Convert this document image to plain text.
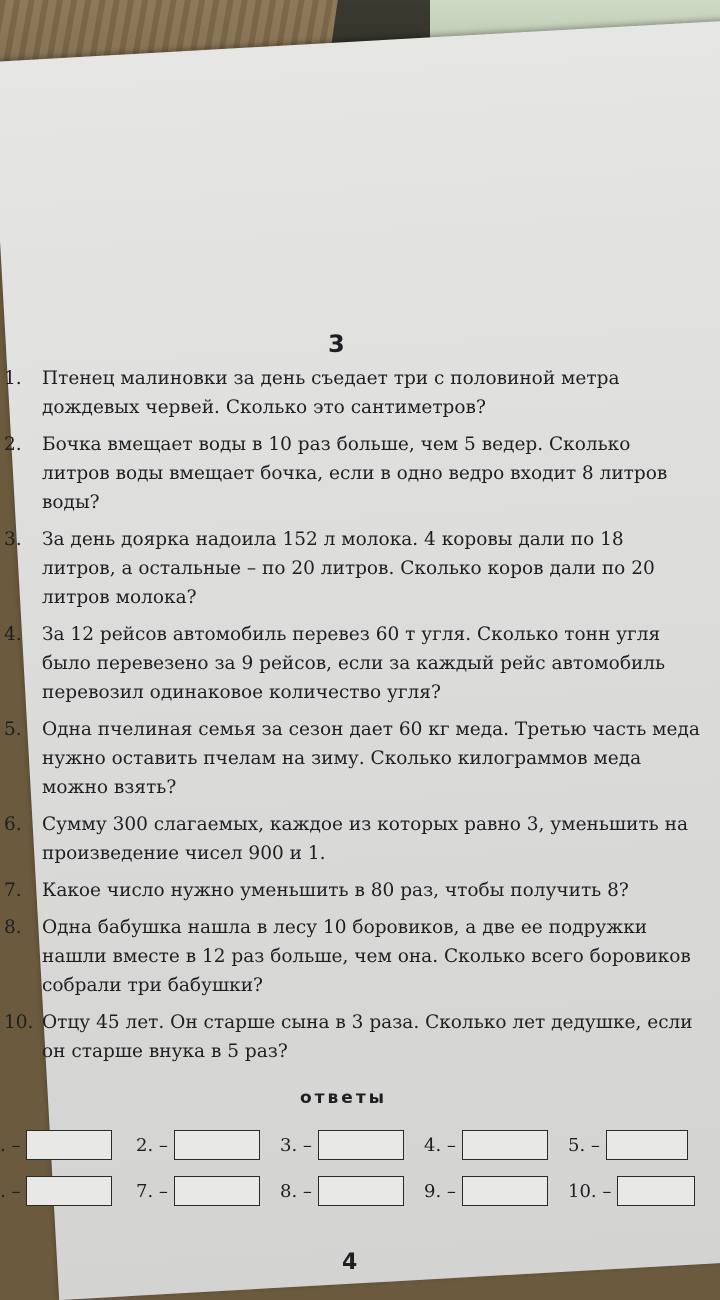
3
1.	Птенец малиновки за день съедает три с половиной метра дождевых червей. Сколько это сантиметров?
2.	Бочка вмещает воды в 10 раз больше, чем 5 ведер. Сколько литров воды вмещает бочка, если в одно ведро входит 8 литров воды?
3.	За день доярка надоила 152 л молока. 4 коровы дали по 18 литров, а остальные – по 20 литров. Сколько коров дали по 20 литров молока?
4.	За 12 рейсов автомобиль перевез 60 т угля. Сколько тонн угля было перевезено за 9 рейсов, если за каждый рейс автомобиль перевозил одинаковое количество угля?
5.	Одна пчелиная семья за сезон дает 60 кг меда. Третью часть меда нужно оставить пчелам на зиму. Сколько килограммов меда можно взять?
6.	Сумму 300 слагаемых, каждое из которых равно 3, уменьшить на произведение чисел 900 и 1.
7.	Какое число нужно уменьшить в 80 раз, чтобы получить 8?
8.	Одна бабушка нашла в лесу 10 боровиков, а две ее подружки нашли вместе в 12 раз больше, чем она. Сколько всего боровиков собрали три бабушки?
10. Отцу 45 лет. Он старше сына в 3 раза. Сколько лет дедушке, если он старше внука в 5 раз?
ответы
. –	2. –	3. –	4. –	5. –
. –	7. –	8. –	9. –	10. –
4
